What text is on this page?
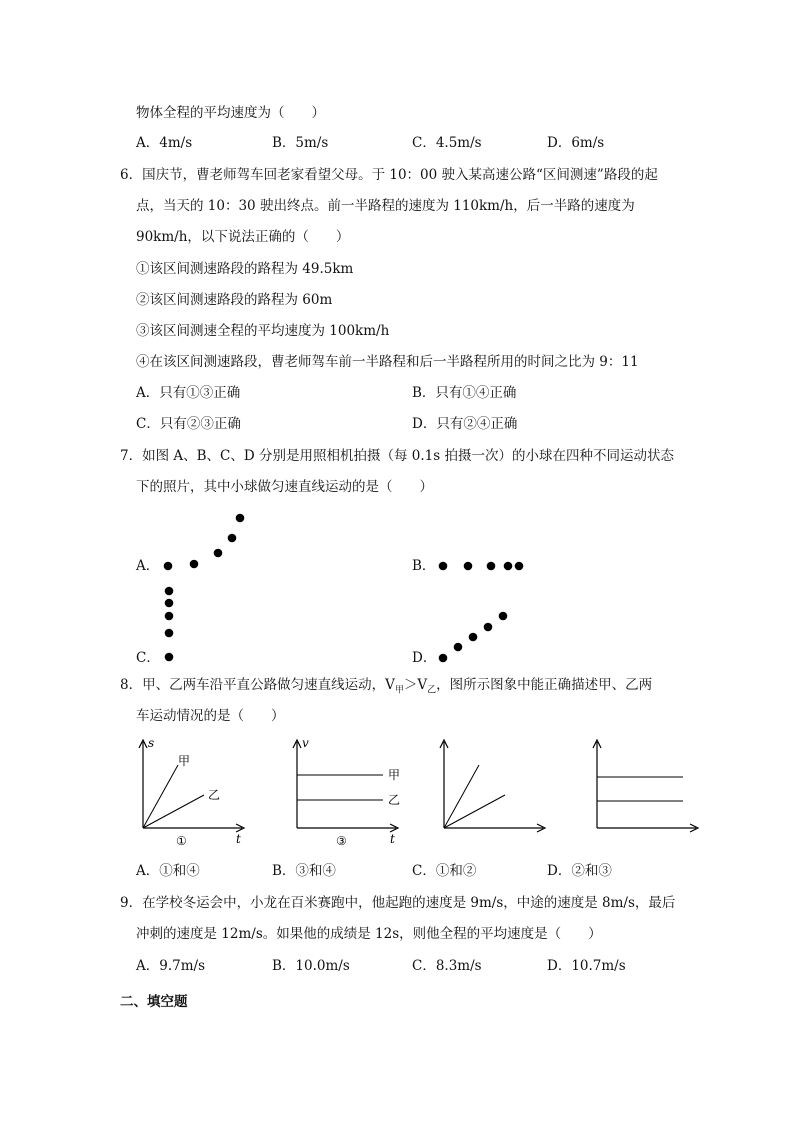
物体全程的平均速度为（　　）
A．4m/s	B．5m/s	C．4.5m/s	D．6m/s
6．国庆节，曹老师驾车回老家看望父母。于 10：00 驶入某高速公路“区间测速”路段的起
点，当天的 10：30 驶出终点。前一半路程的速度为 110km/h，后一半路的速度为
90km/h，以下说法正确的（　　）
①该区间测速路段的路程为 49.5km
②该区间测速路段的路程为 60m
③该区间测速全程的平均速度为 100km/h
④在该区间测速路段，曹老师驾车前一半路程和后一半路程所用的时间之比为 9：11
A．只有①③正确	B．只有①④正确
C．只有②③正确	D．只有②④正确
7．如图 A、B、C、D 分别是用照相机拍摄（每 0.1s 拍摄一次）的小球在四种不同运动状态
下的照片，其中小球做匀速直线运动的是（　　）
A．	B．
C．	D．
8．甲、乙两车沿平直公路做匀速直线运动，$V_甲>V_乙$，图所示图象中能正确描述甲、乙两
车运动情况的是（　　）
s
t
甲
乙
①
v
t
甲
乙
③
A．①和④	B．③和④	C．①和②	D．②和③
9．在学校冬运会中，小龙在百米赛跑中，他起跑的速度是 9m/s，中途的速度是 8m/s，最后
冲刺的速度是 12m/s。如果他的成绩是 12s，则他全程的平均速度是（　　）
A．9.7m/s	B．10.0m/s	C．8.3m/s	D．10.7m/s
二、填空题
